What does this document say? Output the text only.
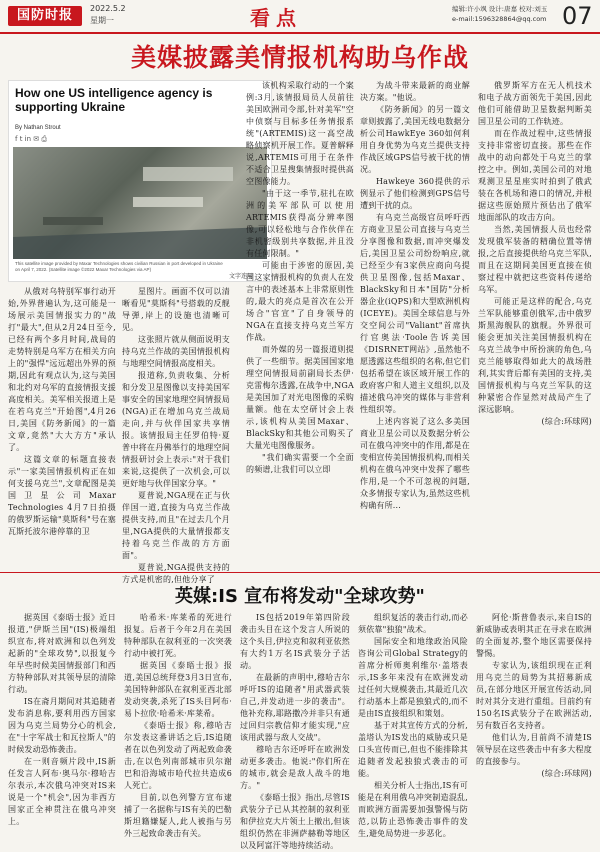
国防时报	2022.5.2
星期一	看点	编辑:许小飒 设计:唐嘉 校对:刘玉
e-mail:1596328864@qq.com 07
美媒披露美情报机构助乌作战
How one US intelligence agency is supporting Ukraine
By Nathan Strout
f t in ✉ ⎙
This satellite image provided by Maxar Technologies shows civilian Russian in port developed in Ukraine on April 7, 2022. (Satellite image ©2022 Maxar Technologies via AP)
文字连用

从俄对乌特别军事行动开始,外界普遍认为,这可能是一场展示美国情报实力的"战打"最大",但从2月24日至今,已经有两个多月时间,战局的走势特别是乌军方在相关方向上的"强悍"远远超出外界的预期,因此有观点认为,这与美国和北约对乌军的直接情报支援高度相关。美军相关报道上是在若乌克兰"开始图",4月26日,美国《防务新闻》的一篇文章,竟然"大大方方"承认了。

这篇文章的标题直接表示"一家美国情报机构正在如何支援乌克兰",文章配图是美国卫星公司Maxar Technologies 4月7日拍摄的俄罗斯运输"莫斯科"号在塞瓦斯托波尔港停靠的卫

星图片。画面不仅可以清晰看见"莫斯科"号搭载的反舰导弹,岸上的设施也清晰可见。

这张照片就从侧面说明支持乌克兰作战的美国情报机构与地理空间情报高度相关。

报道称,负责收集、分析和分发卫星图像以支持美国军事安全的国家地理空间情报局(NGA)正在增加乌克兰战局走向,并与伙伴国家共享情报。该情报局主任罗伯特·夏普中将在丹佛举行的地理空间情报研讨会上表示:"对于我们来说,这提供了一次机会,可以更好地与伙伴国家分享。"

夏普说,NGA现在正与伙伴国一道,直接为乌克兰作战提供支持,而且"在过去几个月里,NGA提供的大量情报都支持着乌克兰作战的方方面面"。

夏普说,NGA提供支持的方式是机密的,但他分享了

该机构采取行动的一个案例:3月,该情报局员人员前往美国欧洲司令部,针对美军"空中侦察与目标多任务情报系统"(ARTEMIS)这一高空战略侦察机开展工作。夏普解释说,ARTEMIS可用于在条件不适合卫星搜集情报时提供高空图像能力。

"由于这一季节,驻扎在欧洲的美军部队可以使用ARTEMIS获得高分辨率图像,可以轻松地与合作伙伴在非机密级别共享数据,并且没有任何限制。"

可能由于涉密的原因,美国这家情报机构的负责人在发言中的表述基本上非常原则性的,最大的亮点是首次在公开场合"官宣"了自身领导的NGA在直接支持乌克兰军方作战。

而外媒的另一篇报道则提供了一些细节。据美国国家地理空间情报局前副局长杰伊·克雷梅尔透露,在战争中,NGA是美国加了对光电图像的采购量额。他在太空研讨会上表示,该机构从美国Maxar、BlackSky和其他公司购买了大量光电图像服务。

"我们确实需要一个全面的频谱,让我们可以立即

为战斗带来最新的商业解决方案。"他说。

《防务新闻》的另一篇文章则披露了,美国无线电数据分析公司HawkEye 360如何利用自身优势为乌克兰提供支持作战区域GPS信号被干扰的情况。

Hawkeye 360提供的示例显示了他们检测到GPS信号遭到干扰的点。

有乌克兰高级官员呼吁西方商业卫星公司直接与乌克兰分享图像和数据,而冲突爆发后,美国卫星公司纷纷响应,就已经至少有3家供应商向乌提供卫星图像,包括Maxar、BlackSky和日本"国防"分析器企业(iQPS)和大型欧洲机构(ICEYE)。美国全球信息与外交空间公司"Valiant"首席执行官奥法·Toole告诉美国《DISRNET网站》,虽然他不愿透露这些组织的名称,但它们包括希望在该区域开展工作的政府客户和人道主义组织,以及描述俄乌冲突的媒体与非营利性组织等。

上述内容说了这么多美国商业卫星公司以及数据分析公司在俄乌冲突中的作用,都是在变相宣传美国情报机构,而相关机构在俄乌冲突中发挥了哪些作用,是一个不可忽视的问题,众多情报专家认为,虽然这些机构确有所...

俄罗斯军方在无人机技术和电子战方面领先于美国,因此他们可能借助卫星数据判断美国卫星公司的工作轨迹。

而在作战过程中,这些情报支持非常密切直接。那些在作战中的动向都处于乌克兰的掌控之中。例如,美国公司的对地观测卫星星座实时拍到了俄武装在各机场和港口的情况,并根据这些原始照片预估出了俄军地面部队的攻击方向。

当然,美国情报人员也经常发现俄军装备的精确位置等情报,之后直接提供给乌克兰军队,而且在这期间美国更直接在侦察过程中就把这些资料传递给乌军。

可能正是这样的配合,乌克兰军队能够重创俄军,击中俄罗斯黑海舰队的旗舰。外界很可能会更加关注美国情报机构在乌克兰战争中所扮演的角色,乌克兰能够取得如此大的战场胜利,其实背后都有美国的支持,美国情报机构与乌克兰军队的这种紧密合作显然对战局产生了深远影响。

(综合:环球网)

英媒:IS 宣布将发动"全球攻势"

据英国《泰晤士报》近日报道,"伊斯兰国"(IS)极端组织宣布,将对欧洲和以色列发起新的"全球攻势",以报复今年早些时候美国情报部门和西方特种部队对其领导层的清除行动。

IS在斋月期间对其追随者发布消息称,要利用西方国家因为乌克兰局势分心的机会,在"十字军战士和瓦拉斯人"的时候发动恐怖袭击。

在一则音频片段中,IS新任发言人阿布·奥马尔·穆哈吉尔表示,本次俄乌冲突对IS来说是一个"机会",因为非西方国家正全神贯注在俄乌冲突上。

哈希米·库莱希的死进行报复。后者于今年2月在美国特种部队在叙利亚的一次突袭行动中被打死。

据英国《泰晤士报》报道,美国总统拜登3月3日宣布,美国特种部队在叙利亚西北部发动突袭,杀死了IS头目阿布·易卜拉欣·哈希米·库莱希。

《泰晤士报》称,穆哈吉尔发表这番讲话之后,IS追随者在以色列发动了两起致命袭击,在以色列南部城市贝尔谢巴和沿海城市哈代拉共造成6人死亡。

目前,以色列警方宣布逮捕了一名据称与IS有关的巴勒斯坦籍嫌疑人,此人被指与另外三起致命袭击有关。

IS包括2019年第四阶段袭击头目在这个发言人所说的这个头目,伊拉克和叙利亚依然有大约1万名IS武装分子活动。

在最新的声明中,穆哈吉尔呼吁IS的追随者"用武器武装自己,并发动进一步的袭击"。他补充称,耶路撒冷并非只有通过回归宗教信仰才能实现,"应该用武器与敌人交战"。

穆哈吉尔还呼吁在欧洲发动更多袭击。他说:"你们所在的城市,就会是敌人战斗的地方。"

《泰晤士报》指出,尽管IS武装分子已从其控制的叙利亚和伊拉克大片领土上撤出,但该组织仍然在非洲萨赫勒等地区以及阿富汗等地持续活动。

组织复活的袭击行动,而必须依靠"独狼"战术。

国际安全和地缘政治风险咨询公司Global Strategy的首席分析师奥利维尔·盖塔表示,IS多年来没有在欧洲发动过任何大规模袭击,其最近几次行动基本上都是独狼式的,而不是由IS直接组织和策划。

基于对其宣传方式的分析,盖塔认为IS发出的威胁或只是口头宣传而已,但也不能排除其追随者发起独狼式袭击的可能。

相关分析人士指出,IS有可能是在利用俄乌冲突制造混乱,而欧洲方面需要加强警惕与防范,以防止恐怖袭击事件的发生,避免局势进一步恶化。

阿伦·斯普鲁表示,来自IS的新威胁或表明其正在寻求在欧洲的全面复苏,整个地区需要保持警惕。

专家认为,该组织现在正利用乌克兰的局势为其招募新成员,在部分地区开展宣传活动,同时对其分支进行重组。目前约有150名IS武装分子在欧洲活动,另有数百名支持者。

他们认为,目前尚不清楚IS领导层在这些袭击中有多大程度的直接参与。

(综合:环球网)
